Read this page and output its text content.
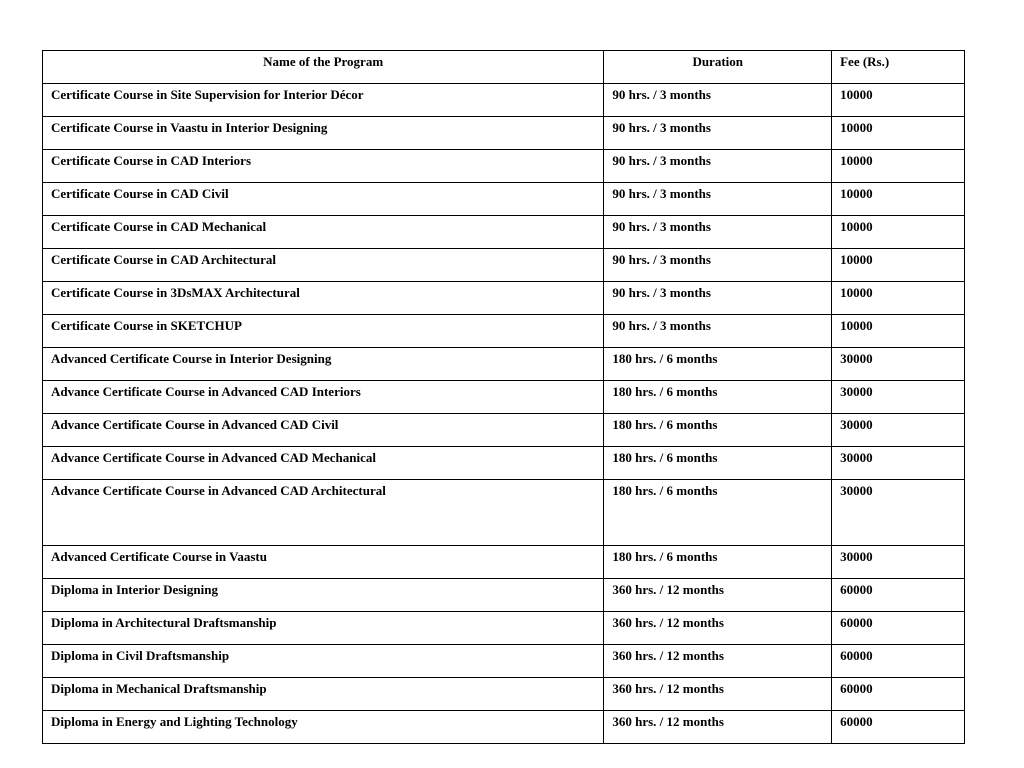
Name of the Program	Duration	Fee (Rs.)
Certificate Course in Site Supervision for Interior Décor	90 hrs. / 3 months	10000
Certificate Course in Vaastu in Interior Designing	90 hrs. / 3 months	10000
Certificate Course in CAD Interiors	90 hrs. / 3 months	10000
Certificate Course in CAD Civil	90 hrs. / 3 months	10000
Certificate Course in CAD Mechanical	90 hrs. / 3 months	10000
Certificate Course in CAD Architectural	90 hrs. / 3 months	10000
Certificate Course in 3DsMAX Architectural	90 hrs. / 3 months	10000
Certificate Course in SKETCHUP	90 hrs. / 3 months	10000
Advanced Certificate Course in Interior Designing	180 hrs. / 6 months	30000
Advance Certificate Course in Advanced CAD Interiors	180 hrs. / 6 months	30000
Advance Certificate Course in Advanced CAD Civil	180 hrs. / 6 months	30000
Advance Certificate Course in Advanced CAD Mechanical	180 hrs. / 6 months	30000
Advance Certificate Course in Advanced CAD Architectural	180 hrs. / 6 months	30000
Advanced Certificate Course in Vaastu	180 hrs. / 6 months	30000
Diploma in Interior Designing	360 hrs. / 12 months	60000
Diploma in Architectural Draftsmanship	360 hrs. / 12 months	60000
Diploma in Civil Draftsmanship	360 hrs. / 12 months	60000
Diploma in Mechanical Draftsmanship	360 hrs. / 12 months	60000
Diploma in Energy and Lighting Technology	360 hrs. / 12 months	60000
